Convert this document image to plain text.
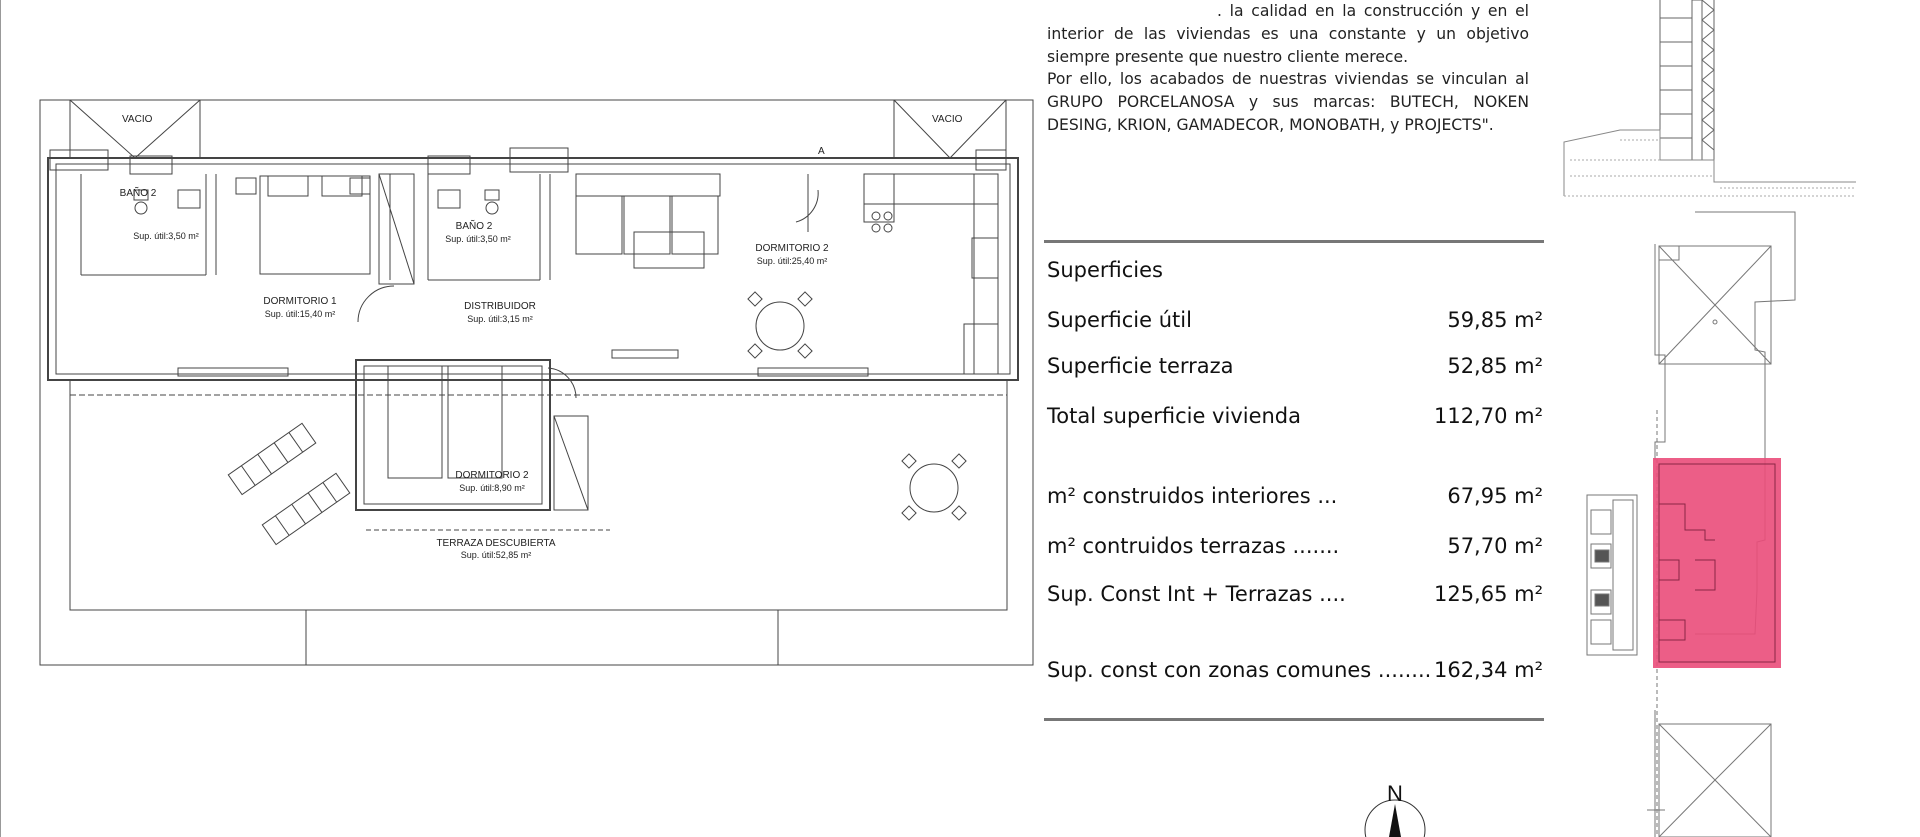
VACIO	VACIO
A
BAÑO 2
Sup. útil:3,50 m²
DORMITORIO 1
Sup. útil:15,40 m²
BAÑO 2
Sup. útil:3,50 m²
DISTRIBUIDOR
Sup. útil:3,15 m²
DORMITORIO 2
Sup. útil:25,40 m²
DORMITORIO 2
Sup. útil:8,90 m²
TERRAZA DESCUBIERTA
Sup. útil:52,85 m²

. la calidad en la construcción y en el interior de las viviendas es una constante y un objetivo siempre presente que nuestro cliente merece.

Por ello, los acabados de nuestras viviendas se vinculan al GRUPO PORCELANOSA y sus marcas: BUTECH, NOKEN DESING, KRION, GAMADECOR, MONOBATH, y PROJECTS".

Superficies
Superficie útil	59,85 m²
Superficie terraza	52,85 m²
Total superficie vivienda	112,70 m²
m² construidos interiores ...	67,95 m²
m² contruidos terrazas .......	57,70 m²
Sup. Const Int + Terrazas ....	125,65 m²
Sup. const con zonas comunes ........ 162,34 m²
N
